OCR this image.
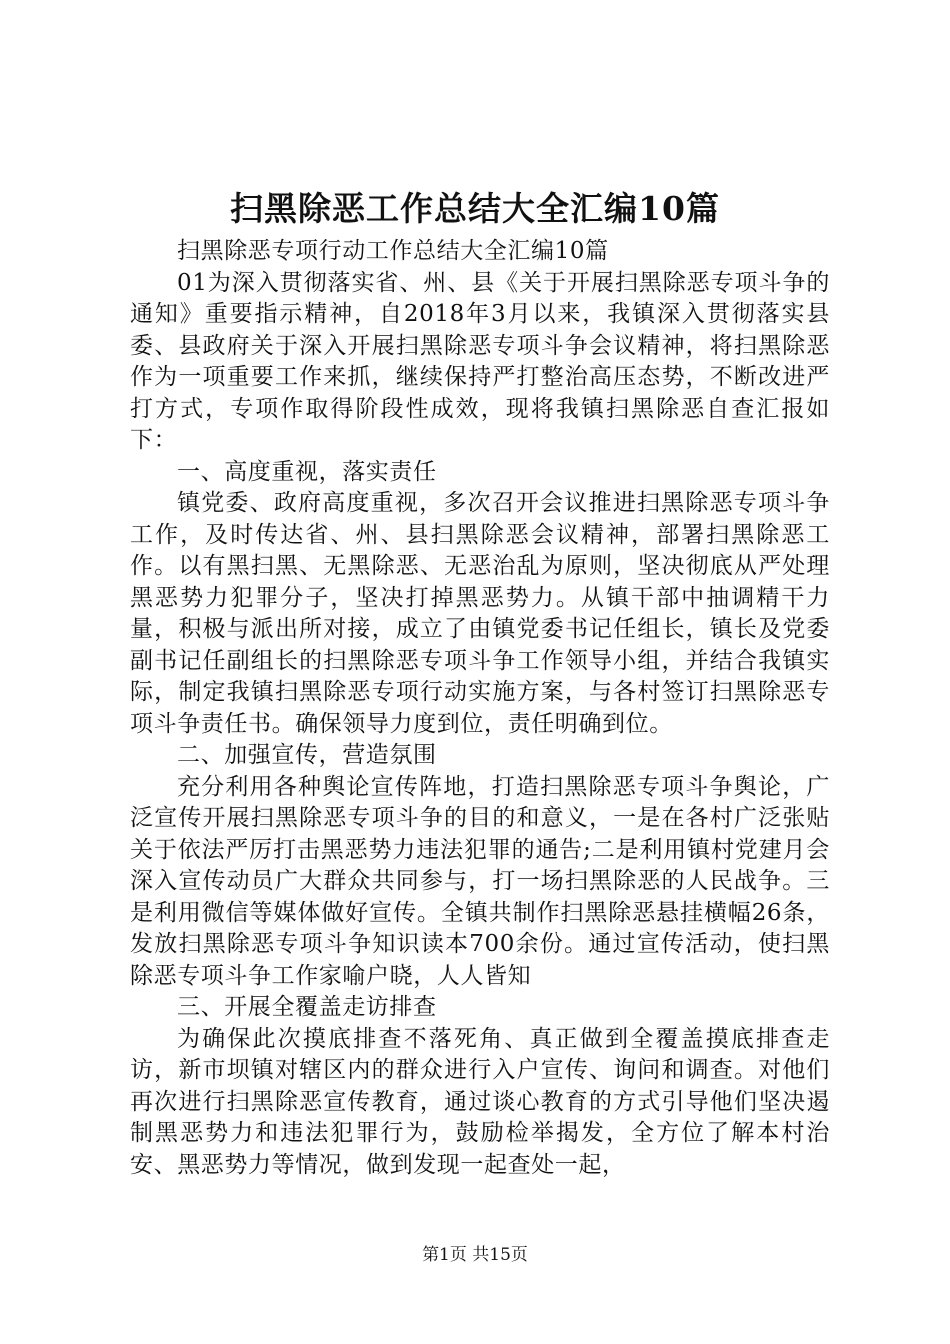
扫黑除恶工作总结大全汇编10篇

扫黑除恶专项行动工作总结大全汇编10篇

01为深入贯彻落实省、州、县《关于开展扫黑除恶专项斗争的通知》重要指示精神，自2018年3月以来，我镇深入贯彻落实县委、县政府关于深入开展扫黑除恶专项斗争会议精神，将扫黑除恶作为一项重要工作来抓，继续保持严打整治高压态势，不断改进严打方式，专项作取得阶段性成效，现将我镇扫黑除恶自查汇报如下：

一、高度重视，落实责任

镇党委、政府高度重视，多次召开会议推进扫黑除恶专项斗争工作，及时传达省、州、县扫黑除恶会议精神，部署扫黑除恶工作。以有黑扫黑、无黑除恶、无恶治乱为原则，坚决彻底从严处理黑恶势力犯罪分子，坚决打掉黑恶势力。从镇干部中抽调精干力量，积极与派出所对接，成立了由镇党委书记任组长，镇长及党委副书记任副组长的扫黑除恶专项斗争工作领导小组，并结合我镇实际，制定我镇扫黑除恶专项行动实施方案，与各村签订扫黑除恶专项斗争责任书。确保领导力度到位，责任明确到位。

二、加强宣传，营造氛围

充分利用各种舆论宣传阵地，打造扫黑除恶专项斗争舆论，广泛宣传开展扫黑除恶专项斗争的目的和意义，一是在各村广泛张贴关于依法严厉打击黑恶势力违法犯罪的通告;二是利用镇村党建月会深入宣传动员广大群众共同参与，打一场扫黑除恶的人民战争。三是利用微信等媒体做好宣传。全镇共制作扫黑除恶悬挂横幅26条，发放扫黑除恶专项斗争知识读本700余份。通过宣传活动，使扫黑除恶专项斗争工作家喻户晓，人人皆知

三、开展全覆盖走访排查

为确保此次摸底排查不落死角、真正做到全覆盖摸底排查走访，新市坝镇对辖区内的群众进行入户宣传、询问和调查。对他们再次进行扫黑除恶宣传教育，通过谈心教育的方式引导他们坚决遏制黑恶势力和违法犯罪行为，鼓励检举揭发，全方位了解本村治安、黑恶势力等情况，做到发现一起查处一起，

第1页 共15页
